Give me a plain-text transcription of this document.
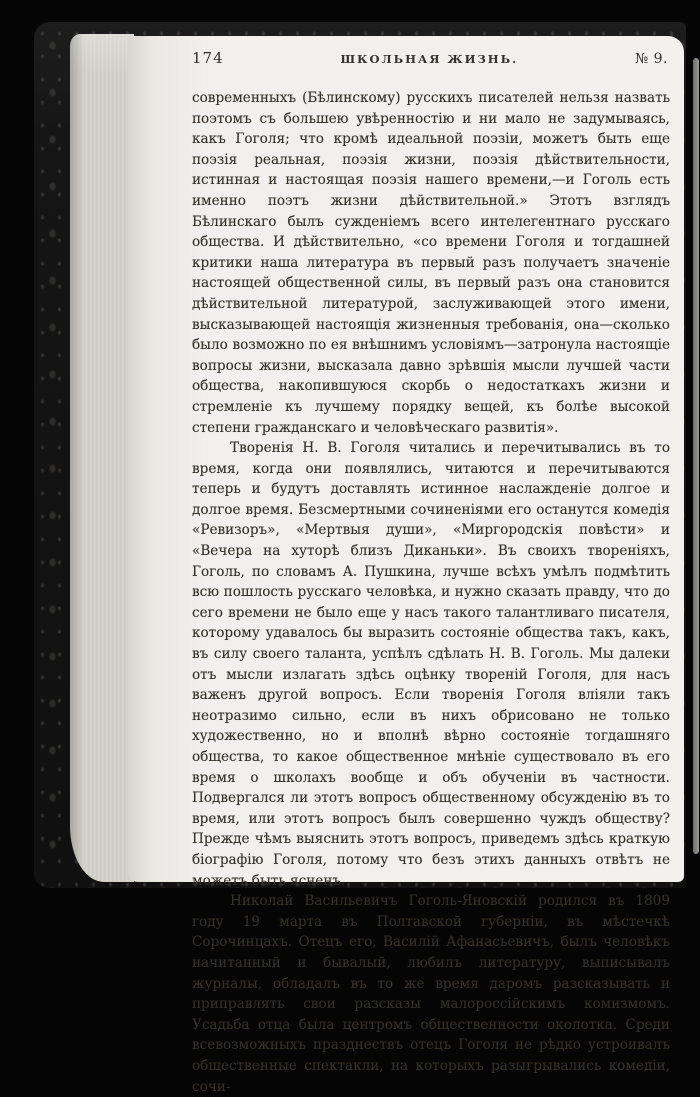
174	ШКОЛЬНАЯ ЖИЗНЬ.	№ 9.

современныхъ (Бѣлинскому) русскихъ писателей нельзя назвать поэтомъ съ большею увѣренностію и ни мало не задумываясь, какъ Гоголя; что кромѣ идеальной поэзіи, можетъ быть еще поэзія реальная, поэзія жизни, поэзія дѣйствительности, истинная и настоящая поэзія нашего времени,—и Гоголь есть именно поэтъ жизни дѣйствительной.» Этотъ взглядъ Бѣлинскаго былъ сужденіемъ всего интелегентнаго русскаго общества. И дѣйствительно, «со времени Гоголя и тогдашней критики наша литература въ первый разъ получаетъ значеніе настоящей общественной силы, въ первый разъ она становится дѣйствительной литературой, заслуживающей этого имени, высказывающей настоящія жизненныя требованія, она—сколько было возможно по ея внѣшнимъ условіямъ—затронула настоящіе вопросы жизни, высказала давно зрѣвшія мысли лучшей части общества, накопившуюся скорбь о недостаткахъ жизни и стремленіе къ лучшему порядку вещей, къ болѣе высокой степени гражданскаго и человѣческаго развитія».

Творенія Н. В. Гоголя читались и перечитывались въ то время, когда они появлялись, читаются и перечитываются теперь и будутъ доставлять истинное наслажденіе долгое и долгое время. Безсмертными сочиненіями его останутся комедія «Ревизоръ», «Мертвыя души», «Миргородскія повѣсти» и «Вечера на хуторѣ близъ Диканьки». Въ своихъ твореніяхъ, Гоголь, по словамъ А. Пушкина, лучше всѣхъ умѣлъ подмѣтить всю пошлость русскаго человѣка, и нужно сказать правду, что до сего времени не было еще у насъ такого талантливаго писателя, которому удавалось бы выразить состояніе общества такъ, какъ, въ силу своего таланта, успѣлъ сдѣлать Н. В. Гоголь. Мы далеки отъ мысли излагать здѣсь оцѣнку твореній Гоголя, для насъ важенъ другой вопросъ. Если творенія Гоголя вліяли такъ неотразимо сильно, если въ нихъ обрисовано не только художественно, но и вполнѣ вѣрно состояніе тогдашняго общества, то какое общественное мнѣніе существовало въ его время о школахъ вообще и объ обученіи въ частности. Подвергался ли этотъ вопросъ общественному обсужденію въ то время, или этотъ вопросъ былъ совершенно чуждъ обществу? Прежде чѣмъ выяснить этотъ вопросъ, приведемъ здѣсь краткую біографію Гоголя, потому что безъ этихъ данныхъ отвѣтъ не можетъ быть ясненъ.

Николай Васильевичъ Гоголь-Яновскій родился въ 1809 году 19 марта въ Полтавской губерніи, въ мѣстечкѣ Сорочинцахъ. Отецъ его, Василій Афанасьевичъ, былъ человѣкъ начитанный и бывалый, любилъ литературу, выписывалъ журналы, обладалъ въ то же время даромъ разсказывать и приправлять свои разсказы малороссійскимъ комизмомъ. Усадьба отца была центромъ общественности околотка. Среди всевозможныхъ празднествъ отецъ Гоголя не рѣдко устроивалъ общественные спектакли, на которыхъ разыгрывались комедіи, сочи-
